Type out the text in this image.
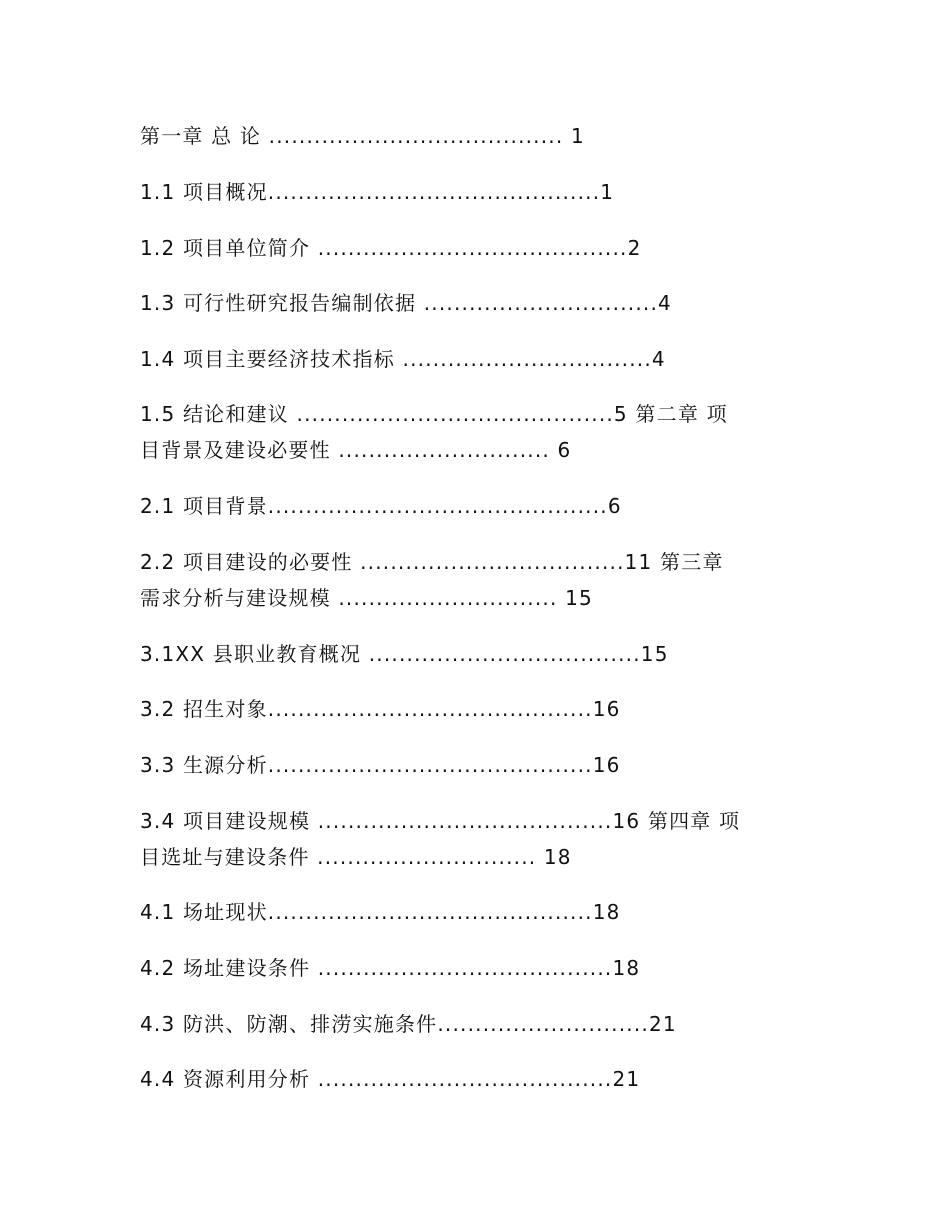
第一章 总 论 ....................................... 1
1.1 项目概况............................................1
1.2 项目单位简介 .........................................2
1.3 可行性研究报告编制依据 ...............................4
1.4 项目主要经济技术指标 .................................4
1.5 结论和建议 ..........................................5 第二章 项
目背景及建设必要性 ............................ 6
2.1 项目背景.............................................6
2.2 项目建设的必要性 ...................................11 第三章
需求分析与建设规模 ............................. 15
3.1XX 县职业教育概况 ....................................15
3.2 招生对象...........................................16
3.3 生源分析...........................................16
3.4 项目建设规模 .......................................16 第四章 项
目选址与建设条件 ............................. 18
4.1 场址现状...........................................18
4.2 场址建设条件 .......................................18
4.3 防洪、防潮、排涝实施条件............................21
4.4 资源利用分析 .......................................21
